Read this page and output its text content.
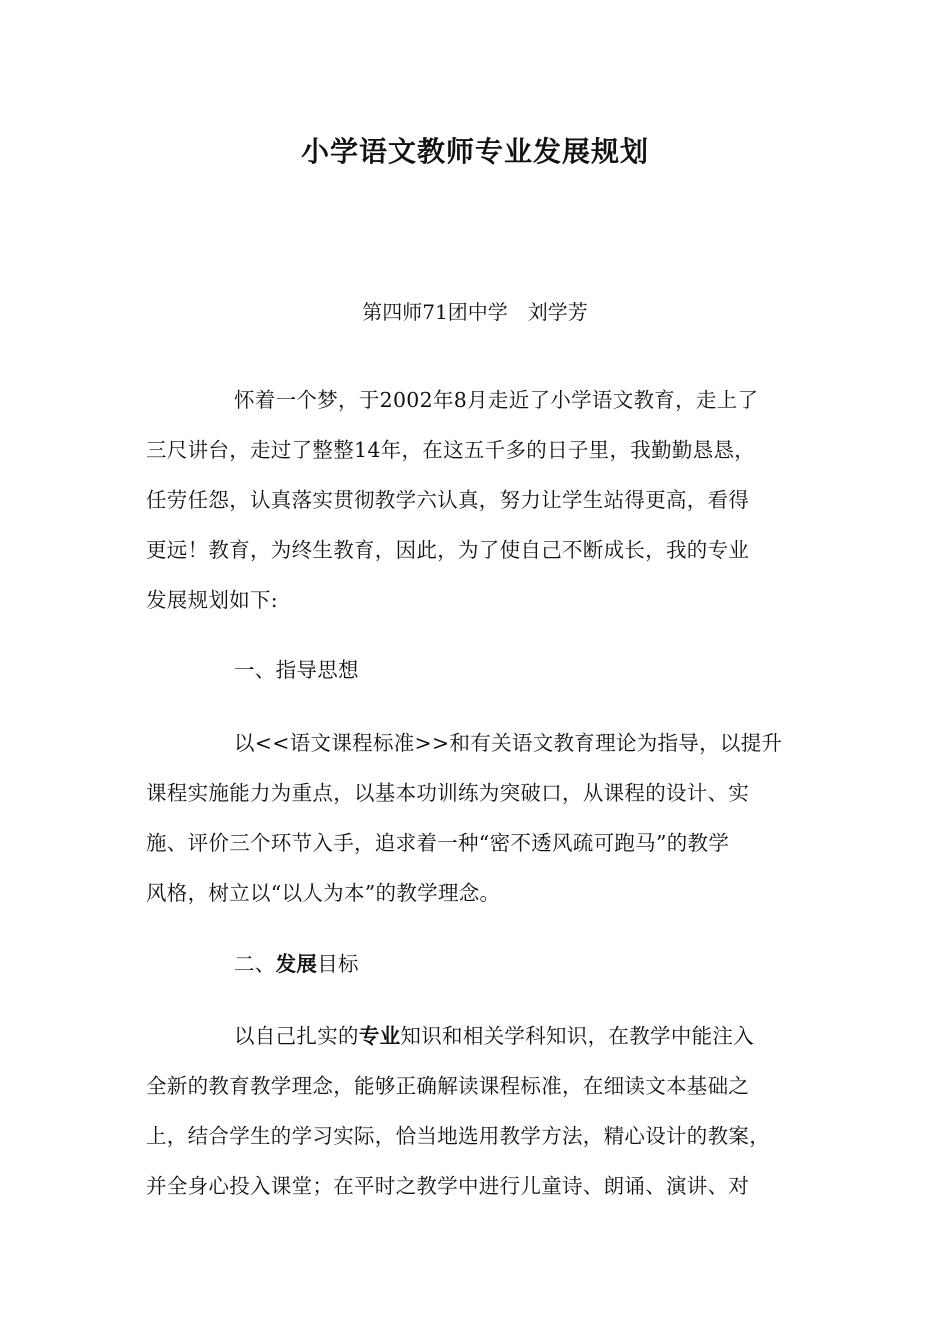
小学语文教师专业发展规划
第四师71团中学　刘学芳
怀着一个梦，于2002年8月走近了小学语文教育，走上了
三尺讲台，走过了整整14年，在这五千多的日子里，我勤勤恳恳，
任劳任怨，认真落实贯彻教学六认真，努力让学生站得更高，看得
更远！教育，为终生教育，因此，为了使自己不断成长，我的专业
发展规划如下:
一、指导思想
以<<语文课程标准>>和有关语文教育理论为指导，以提升
课程实施能力为重点，以基本功训练为突破口，从课程的设计、实
施、评价三个环节入手，追求着一种“密不透风疏可跑马”的教学
风格，树立以“以人为本”的教学理念。
二、发展目标
以自己扎实的专业知识和相关学科知识，在教学中能注入
全新的教育教学理念，能够正确解读课程标准，在细读文本基础之
上，结合学生的学习实际，恰当地选用教学方法，精心设计的教案，
并全身心投入课堂；在平时之教学中进行儿童诗、朗诵、演讲、对
